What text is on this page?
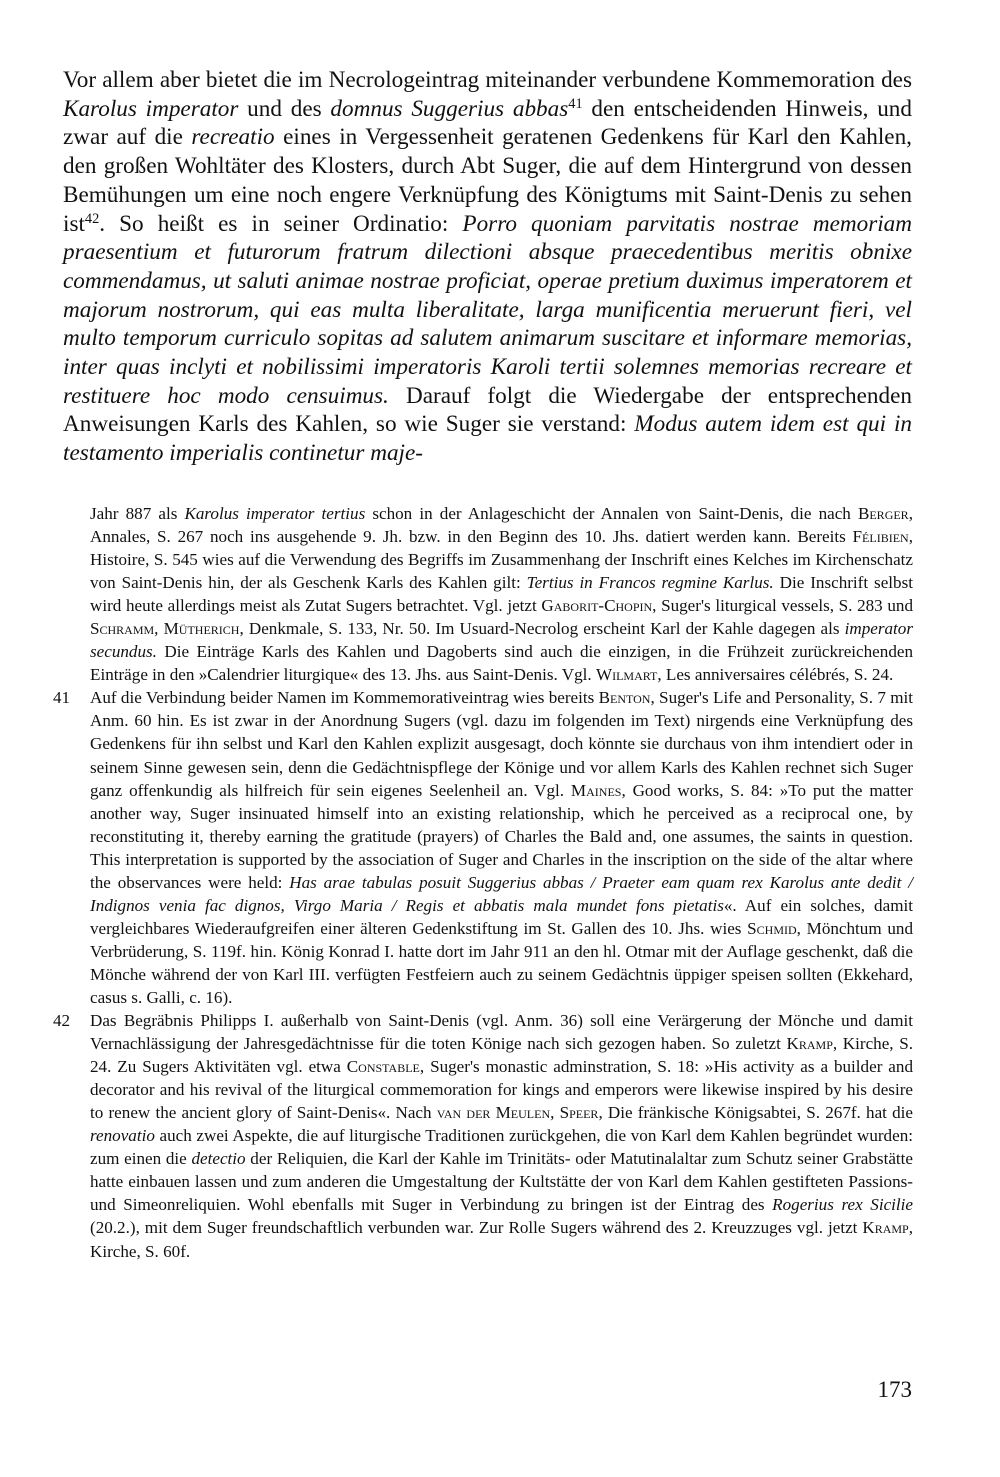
Vor allem aber bietet die im Necrologeintrag miteinander verbundene Kommemoration des Karolus imperator und des domnus Suggerius abbas$^{41}$ den entscheidenden Hinweis, und zwar auf die recreatio eines in Vergessenheit geratenen Gedenkens für Karl den Kahlen, den großen Wohltäter des Klosters, durch Abt Suger, die auf dem Hintergrund von dessen Bemühungen um eine noch engere Verknüpfung des Königtums mit Saint-Denis zu sehen ist$^{42}$. So heißt es in seiner Ordinatio: Porro quoniam parvitatis nostrae memoriam praesentium et futurorum fratrum dilectioni absque praecedentibus meritis obnixe commendamus, ut saluti animae nostrae proficiat, operae pretium duximus imperatorem et majorum nostrorum, qui eas multa liberalitate, larga munificentia meruerunt fieri, vel multo temporum curriculo sopitas ad salutem animarum suscitare et informare memorias, inter quas inclyti et nobilissimi imperatoris Karoli tertii solemnes memorias recreare et restituere hoc modo censuimus. Darauf folgt die Wiedergabe der entsprechenden Anweisungen Karls des Kahlen, so wie Suger sie verstand: Modus autem idem est qui in testamento imperialis continetur maje-

Jahr 887 als Karolus imperator tertius schon in der Anlageschicht der Annalen von Saint-Denis, die nach Berger, Annales, S. 267 noch ins ausgehende 9. Jh. bzw. in den Beginn des 10. Jhs. datiert werden kann. Bereits Félibien, Histoire, S. 545 wies auf die Verwendung des Begriffs im Zusammenhang der Inschrift eines Kelches im Kirchenschatz von Saint-Denis hin, der als Geschenk Karls des Kahlen gilt: Tertius in Francos regmine Karlus. Die Inschrift selbst wird heute allerdings meist als Zutat Sugers betrachtet. Vgl. jetzt Gaborit-Chopin, Suger's liturgical vessels, S. 283 und Schramm, Mütherich, Denkmale, S. 133, Nr. 50. Im Usuard-Necrolog erscheint Karl der Kahle dagegen als imperator secundus. Die Einträge Karls des Kahlen und Dagoberts sind auch die einzigen, in die Frühzeit zurückreichenden Einträge in den »Calendrier liturgique« des 13. Jhs. aus Saint-Denis. Vgl. Wilmart, Les anniversaires célébrés, S. 24.

41	Auf die Verbindung beider Namen im Kommemorativeintrag wies bereits Benton, Suger's Life and Personality, S. 7 mit Anm. 60 hin. Es ist zwar in der Anordnung Sugers (vgl. dazu im folgenden im Text) nirgends eine Verknüpfung des Gedenkens für ihn selbst und Karl den Kahlen explizit ausgesagt, doch könnte sie durchaus von ihm intendiert oder in seinem Sinne gewesen sein, denn die Gedächtnispflege der Könige und vor allem Karls des Kahlen rechnet sich Suger ganz offenkundig als hilfreich für sein eigenes Seelenheil an. Vgl. Maines, Good works, S. 84: »To put the matter another way, Suger insinuated himself into an existing relationship, which he perceived as a reciprocal one, by reconstituting it, thereby earning the gratitude (prayers) of Charles the Bald and, one assumes, the saints in question. This interpretation is supported by the association of Suger and Charles in the inscription on the side of the altar where the observances were held: Has arae tabulas posuit Suggerius abbas / Praeter eam quam rex Karolus ante dedit / Indignos venia fac dignos, Virgo Maria / Regis et abbatis mala mundet fons pietatis«. Auf ein solches, damit vergleichbares Wiederaufgreifen einer älteren Gedenkstiftung im St. Gallen des 10. Jhs. wies Schmid, Mönchtum und Verbrüderung, S. 119f. hin. König Konrad I. hatte dort im Jahr 911 an den hl. Otmar mit der Auflage geschenkt, daß die Mönche während der von Karl III. verfügten Festfeiern auch zu seinem Gedächtnis üppiger speisen sollten (Ekkehard, casus s. Galli, c. 16).

42	Das Begräbnis Philipps I. außerhalb von Saint-Denis (vgl. Anm. 36) soll eine Verärgerung der Mönche und damit Vernachlässigung der Jahresgedächtnisse für die toten Könige nach sich gezogen haben. So zuletzt Kramp, Kirche, S. 24. Zu Sugers Aktivitäten vgl. etwa Constable, Suger's monastic adminstration, S. 18: »His activity as a builder and decorator and his revival of the liturgical commemoration for kings and emperors were likewise inspired by his desire to renew the ancient glory of Saint-Denis«. Nach van der Meulen, Speer, Die fränkische Königsabtei, S. 267f. hat die renovatio auch zwei Aspekte, die auf liturgische Traditionen zurückgehen, die von Karl dem Kahlen begründet wurden: zum einen die detectio der Reliquien, die Karl der Kahle im Trinitäts- oder Matutinalaltar zum Schutz seiner Grabstätte hatte einbauen lassen und zum anderen die Umgestaltung der Kultstätte der von Karl dem Kahlen gestifteten Passions- und Simeonreliquien. Wohl ebenfalls mit Suger in Verbindung zu bringen ist der Eintrag des Rogerius rex Sicilie (20.2.), mit dem Suger freundschaftlich verbunden war. Zur Rolle Sugers während des 2. Kreuzzuges vgl. jetzt Kramp, Kirche, S. 60f.

173
